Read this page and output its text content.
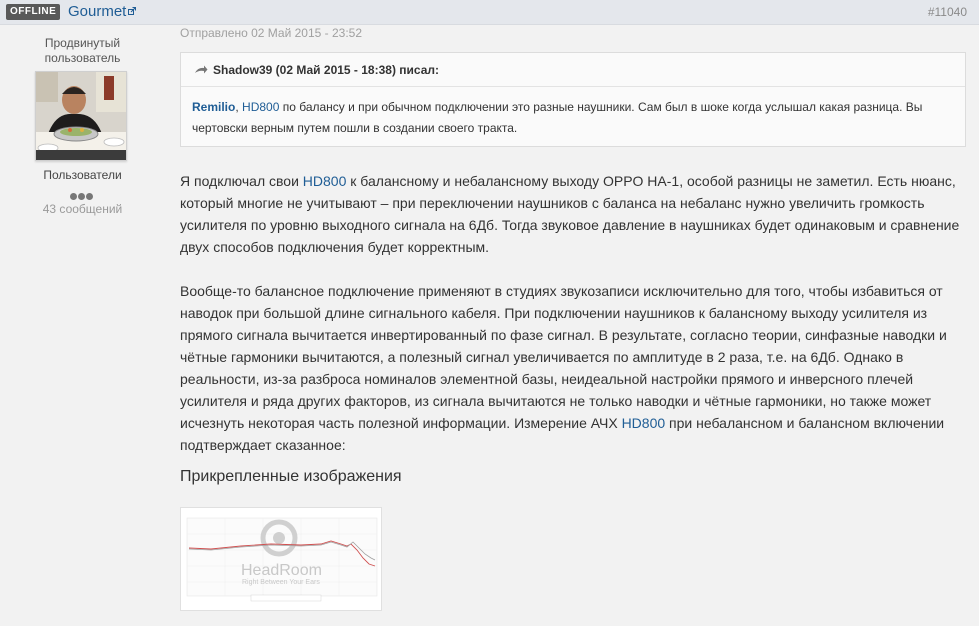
OFFLINE Gourmet	#11040
Продвинутый
пользователь
Пользователи
43 сообщений
Отправлено 02 Май 2015 - 23:52
Shadow39 (02 Май 2015 - 18:38) писал:
Remilio, HD800 по балансу и при обычном подключении это разные наушники. Сам был в шоке когда услышал какая разница. Вы чертовски верным путем пошли в создании своего тракта.

Я подключал свои HD800 к балансному и небалансному выходу OPPO HA-1, особой разницы не заметил. Есть нюанс, который многие не учитывают – при переключении наушников с баланса на небаланс нужно увеличить громкость усилителя по уровню выходного сигнала на 6Дб. Тогда звуковое давление в наушниках будет одинаковым и сравнение двух способов подключения будет корректным.

Вообще-то балансное подключение применяют в студиях звукозаписи исключительно для того, чтобы избавиться от наводок при большой длине сигнального кабеля. При подключении наушников к балансному выходу усилителя из прямого сигнала вычитается инвертированный по фазе сигнал. В результате, согласно теории, синфазные наводки и чётные гармоники вычитаются, а полезный сигнал увеличивается по амплитуде в 2 раза, т.е. на 6Дб. Однако в реальности, из-за разброса номиналов элементной базы, неидеальной настройки прямого и инверсного плечей усилителя и ряда других факторов, из сигнала вычитаются не только наводки и чётные гармоники, но также может исчезнуть некоторая часть полезной информации. Измерение АЧХ HD800 при небалансном и балансном включении подтверждает сказанное:

Прикрепленные изображения
HeadRoom
Right Between Your Ears
